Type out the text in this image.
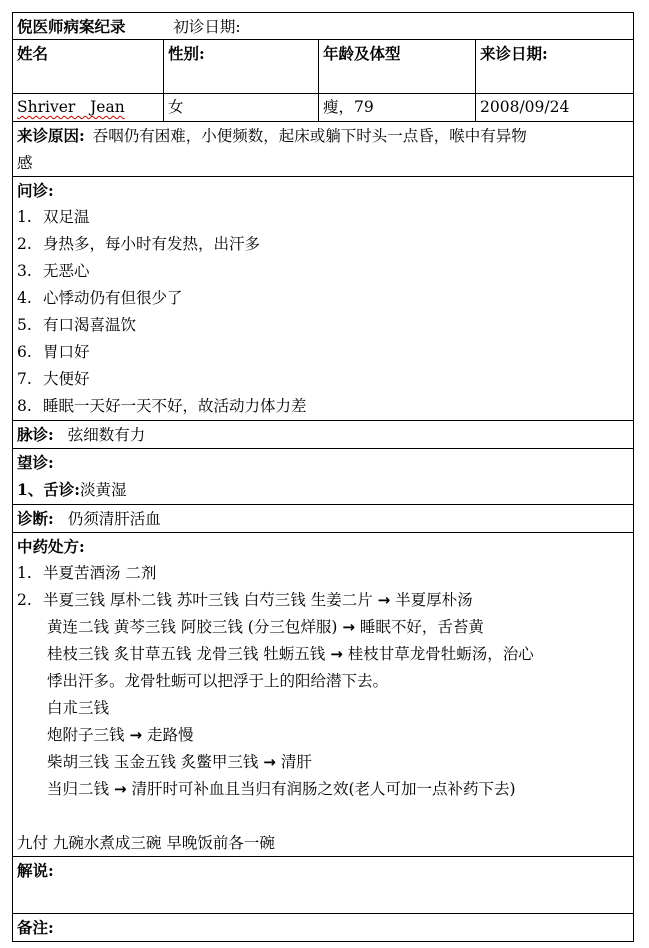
倪医师病案纪录	初诊日期:
姓名	性别:	年龄及体型	来诊日期:
Shriver   Jean	女	瘦，79	2008/09/24
来诊原因: 吞咽仍有困难，小便频数，起床或躺下时头一点昏，喉中有异物
感
问诊:
1. 双足温
2. 身热多，每小时有发热，出汗多
3. 无恶心
4. 心悸动仍有但很少了
5. 有口渴喜温饮
6. 胃口好
7. 大便好
8. 睡眠一天好一天不好，故活动力体力差
脉诊: 弦细数有力
望诊:
1、舌诊:淡黄湿
诊断: 仍须清肝活血
中药处方:
1. 半夏苦酒汤 二剂
2. 半夏三钱 厚朴二钱 苏叶三钱 白芍三钱 生姜二片 → 半夏厚朴汤
黄连二钱 黄芩三钱 阿胶三钱 (分三包烊服) → 睡眠不好，舌苔黄
桂枝三钱 炙甘草五钱 龙骨三钱 牡蛎五钱 → 桂枝甘草龙骨牡蛎汤，治心
悸出汗多。龙骨牡蛎可以把浮于上的阳给潜下去。
白朮三钱
炮附子三钱 → 走路慢
柴胡三钱 玉金五钱 炙鳖甲三钱 → 清肝
当归二钱 → 清肝时可补血且当归有润肠之效(老人可加一点补药下去)
九付 九碗水煮成三碗 早晚饭前各一碗
解说:
备注:
